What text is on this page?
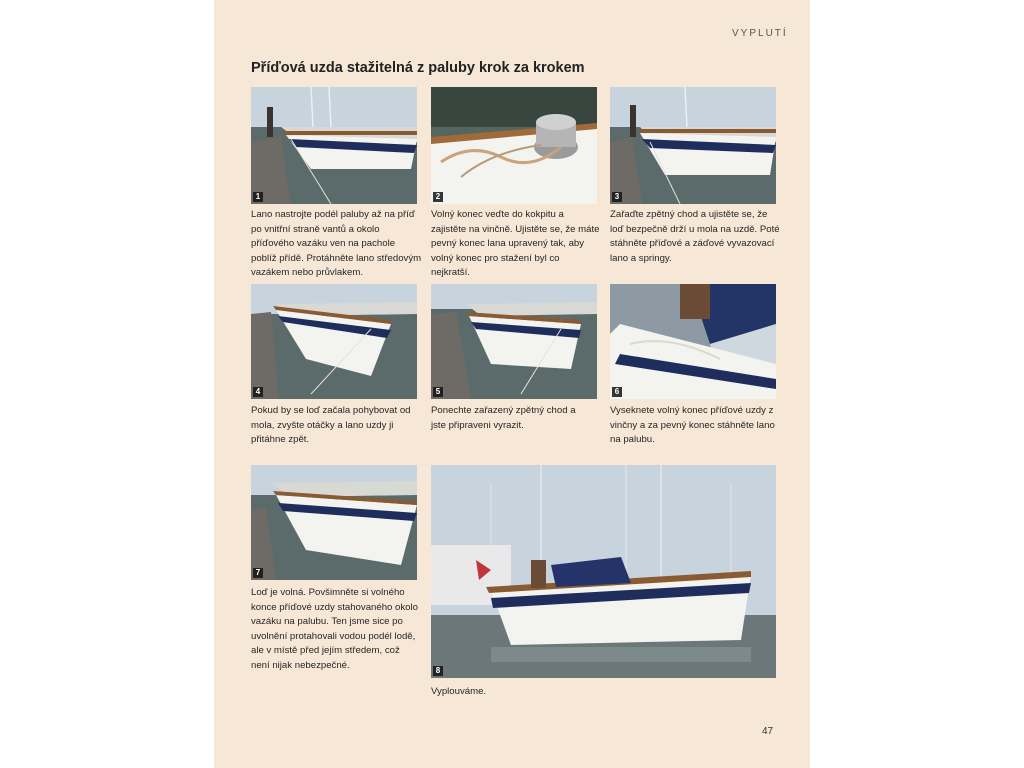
VYPLUTÍ
Příďová uzda stažitelná z paluby krok za krokem
1	2	3
Lano nastrojte podél paluby až na příď po vnitřní straně vantů a okolo příďového vazáku ven na pachole poblíž přídě. Protáhněte lano středovým vazákem nebo průvlakem.
Volný konec veďte do kokpitu a zajistěte na vinčně. Ujistěte se, že máte pevný konec lana upravený tak, aby volný konec pro stažení byl co nejkratší.
Zařaďte zpětný chod a ujistěte se, že loď bezpečně drží u mola na uzdě. Poté stáhněte příďové a záďové vyvazovací lano a springy.
4	5	6
Pokud by se loď začala pohybovat od mola, zvyšte otáčky a lano uzdy ji přitáhne zpět.
Ponechte zařazený zpětný chod a jste připraveni vyrazit.
Vyseknete volný konec příďové uzdy z vinčny a za pevný konec stáhněte lano na palubu.
7
8
Loď je volná. Povšimněte si volného konce příďové uzdy stahovaného okolo vazáku na palubu. Ten jsme sice po uvolnění protahovali vodou podél lodě, ale v místě před jejím středem, což není nijak nebezpečné.
Vyplouváme.
47
